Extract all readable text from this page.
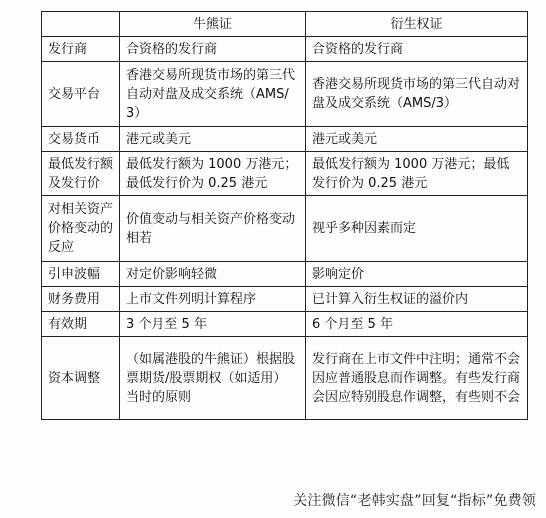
	牛熊证	衍生权证
发行商	合资格的发行商	合资格的发行商
交易平台	香港交易所现货市场的第三代自动对盘及成交系统（AMS/3）	香港交易所现货市场的第三代自动对盘及成交系统（AMS/3）
交易货币	港元或美元	港元或美元
最低发行额及发行价	最低发行额为 1000 万港元；最低发行价为 0.25 港元	最低发行额为 1000 万港元；最低发行价为 0.25 港元
对相关资产价格变动的反应	价值变动与相关资产价格变动相若	视乎多种因素而定
引申波幅	对定价影响轻微	影响定价
财务费用	上市文件列明计算程序	已计算入衍生权证的溢价内
有效期	3 个月至 5 年	6 个月至 5 年
资本调整	（如属港股的牛熊证）根据股票期货/股票期权（如适用）当时的原则	发行商在上市文件中注明；通常不会因应普通股息而作调整。有些发行商会因应特别股息作调整，有些则不会
关注微信“老韩实盘”回复“指标”免费领
